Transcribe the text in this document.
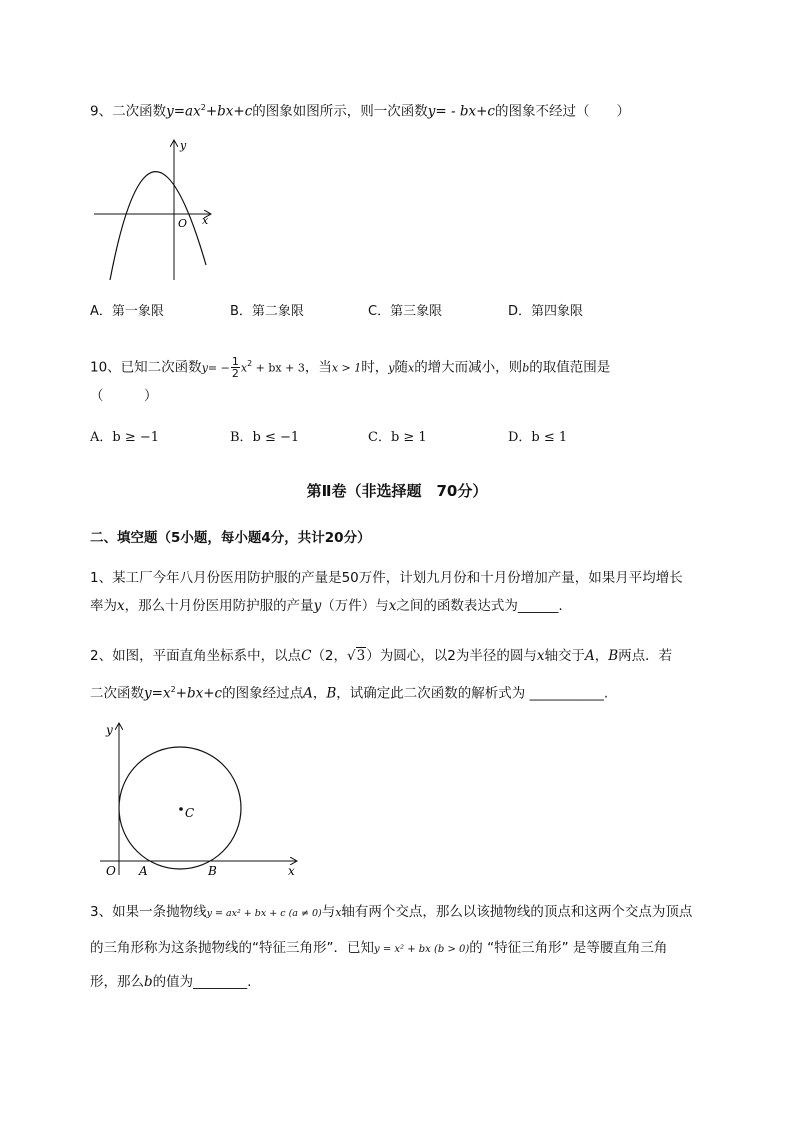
9、二次函数$y=ax^2+bx+c$的图象如图所示，则一次函数y= - bx+c的图象不经过（　　）
y
x
O
A．第一象限	B．第二象限	C．第三象限	D．第四象限
10、已知二次函数$y= - \frac{1}{2} x^2$ + bx + 3，当x > 1时，y随x的增大而减小，则b的取值范围是
（　　　）
A．b ≥ −1	B．b ≤ −1	C．b ≥ 1	D．b ≤ 1
第Ⅱ卷（非选择题　70分）
二、填空题（5小题，每小题4分，共计20分）
1、某工厂今年八月份医用防护服的产量是50万件，计划九月份和十月份增加产量，如果月平均增长
率为x，那么十月份医用防护服的产量y（万件）与x之间的函数表达式为______.
2、如图，平面直角坐标系中，以点C（2，√3）为圆心，以2为半径的圆与x轴交于A，B两点．若
二次函数$y=x^2+bx+c$的图象经过点A，B，试确定此二次函数的解析式为 ___________.
C
y
x
O A	B
3、如果一条抛物线y = ax² + bx + c (a ≠ 0)与x轴有两个交点，那么以该抛物线的顶点和这两个交点为顶点
的三角形称为这条抛物线的“特征三角形”．已知y = x² + bx (b > 0)的 “特征三角形” 是等腰直角三角
形，那么b的值为________.
